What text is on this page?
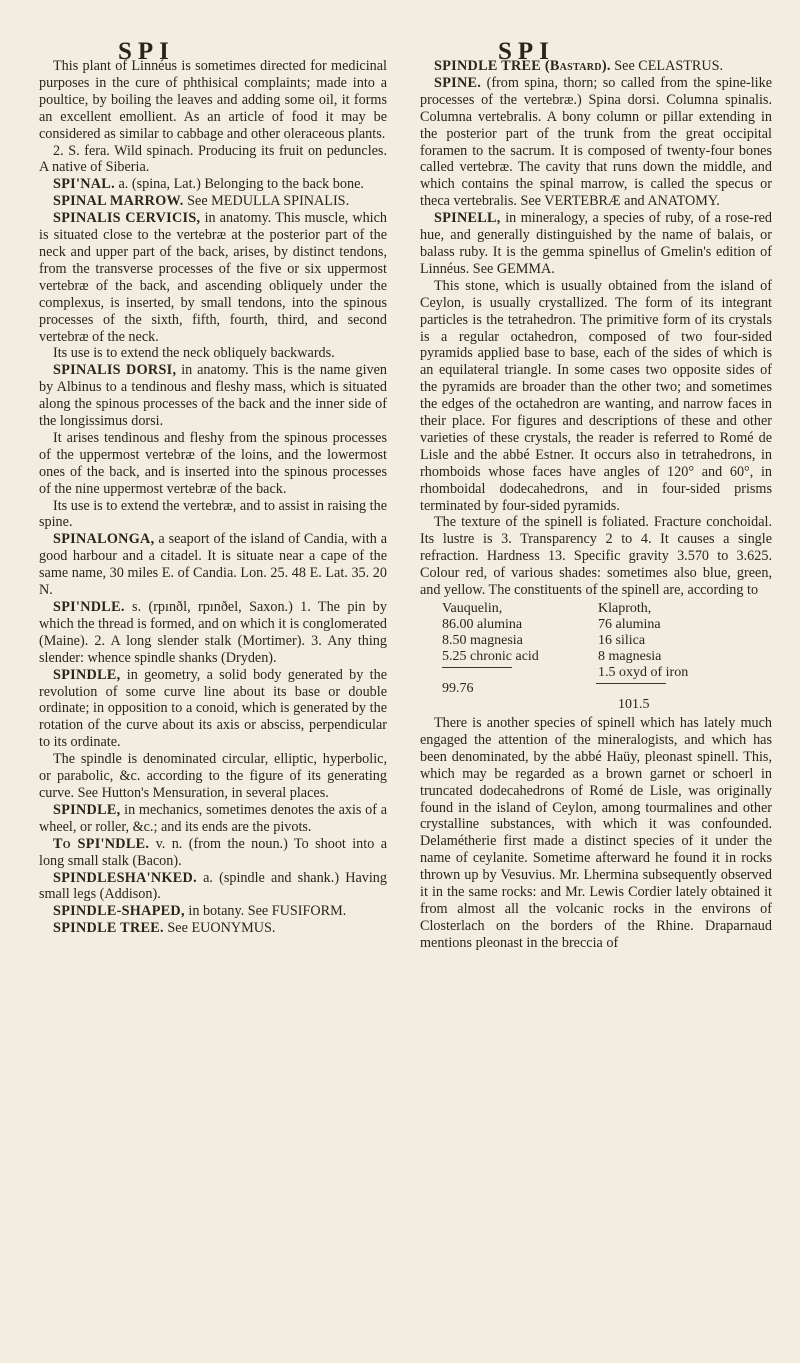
SPI	SPI

This plant of Linnéus is sometimes directed for medicinal purposes in the cure of phthisical complaints; made into a poultice, by boiling the leaves and adding some oil, it forms an excellent emollient. As an article of food it may be considered as similar to cabbage and other oleraceous plants.

2. S. fera. Wild spinach. Producing its fruit on peduncles. A native of Siberia.

SPI'NAL. a. (spina, Lat.) Belonging to the back bone.

SPINAL MARROW. See MEDULLA SPINALIS.

SPINALIS CERVICIS, in anatomy. This muscle, which is situated close to the vertebræ at the posterior part of the neck and upper part of the back, arises, by distinct tendons, from the transverse processes of the five or six uppermost vertebræ of the back, and ascending obliquely under the complexus, is inserted, by small tendons, into the spinous processes of the sixth, fifth, fourth, third, and second vertebræ of the neck.

Its use is to extend the neck obliquely backwards.

SPINALIS DORSI, in anatomy. This is the name given by Albinus to a tendinous and fleshy mass, which is situated along the spinous processes of the back and the inner side of the longissimus dorsi.

It arises tendinous and fleshy from the spinous processes of the uppermost vertebræ of the loins, and the lowermost ones of the back, and is inserted into the spinous processes of the nine uppermost vertebræ of the back.

Its use is to extend the vertebræ, and to assist in raising the spine.

SPINALONGA, a seaport of the island of Candia, with a good harbour and a citadel. It is situate near a cape of the same name, 30 miles E. of Candia. Lon. 25. 48 E. Lat. 35. 20 N.

SPI'NDLE. s. (rpınðl, rpınðel, Saxon.) 1. The pin by which the thread is formed, and on which it is conglomerated (Maine). 2. A long slender stalk (Mortimer). 3. Any thing slender: whence spindle shanks (Dryden).

SPINDLE, in geometry, a solid body generated by the revolution of some curve line about its base or double ordinate; in opposition to a conoid, which is generated by the rotation of the curve about its axis or absciss, perpendicular to its ordinate.

The spindle is denominated circular, elliptic, hyperbolic, or parabolic, &c. according to the figure of its generating curve. See Hutton's Mensuration, in several places.

SPINDLE, in mechanics, sometimes denotes the axis of a wheel, or roller, &c.; and its ends are the pivots.

To SPI'NDLE. v. n. (from the noun.) To shoot into a long small stalk (Bacon).

SPINDLESHA'NKED. a. (spindle and shank.) Having small legs (Addison).

SPINDLE-SHAPED, in botany. See FUSIFORM.

SPINDLE TREE. See EUONYMUS.

SPINDLE TREE (Bastard). See CELASTRUS.

SPINE. (from spina, thorn; so called from the spine-like processes of the vertebræ.) Spina dorsi. Columna spinalis. Columna vertebralis. A bony column or pillar extending in the posterior part of the trunk from the great occipital foramen to the sacrum. It is composed of twenty-four bones called vertebræ. The cavity that runs down the middle, and which contains the spinal marrow, is called the specus or theca vertebralis. See VERTEBRÆ and ANATOMY.

SPINELL, in mineralogy, a species of ruby, of a rose-red hue, and generally distinguished by the name of balais, or balass ruby. It is the gemma spinellus of Gmelin's edition of Linnéus. See GEMMA.

This stone, which is usually obtained from the island of Ceylon, is usually crystallized. The form of its integrant particles is the tetrahedron. The primitive form of its crystals is a regular octahedron, composed of two four-sided pyramids applied base to base, each of the sides of which is an equilateral triangle. In some cases two opposite sides of the pyramids are broader than the other two; and sometimes the edges of the octahedron are wanting, and narrow faces in their place. For figures and descriptions of these and other varieties of these crystals, the reader is referred to Romé de Lisle and the abbé Estner. It occurs also in tetrahedrons, in rhomboids whose faces have angles of 120° and 60°, in rhomboidal dodecahedrons, and in four-sided prisms terminated by four-sided pyramids.

The texture of the spinell is foliated. Fracture conchoidal. Its lustre is 3. Transparency 2 to 4. It causes a single refraction. Hardness 13. Specific gravity 3.570 to 3.625. Colour red, of various shades: sometimes also blue, green, and yellow. The constituents of the spinell are, according to

Vauquelin,	Klaproth,
86.00 alumina	76 alumina
8.50 magnesia	16 silica
5.25 chronic acid	8 magnesia

	1.5 oxyd of iron
99.76	

	101.5

There is another species of spinell which has lately much engaged the attention of the mineralogists, and which has been denominated, by the abbé Haüy, pleonast spinell. This, which may be regarded as a brown garnet or schoerl in truncated dodecahedrons of Romé de Lisle, was originally found in the island of Ceylon, among tourmalines and other crystalline substances, with which it was confounded. Delamétherie first made a distinct species of it under the name of ceylanite. Sometime afterward he found it in rocks thrown up by Vesuvius. Mr. Lhermina subsequently observed it in the same rocks: and Mr. Lewis Cordier lately obtained it from almost all the volcanic rocks in the environs of Closterlach on the borders of the Rhine. Draparnaud mentions pleonast in the breccia of
